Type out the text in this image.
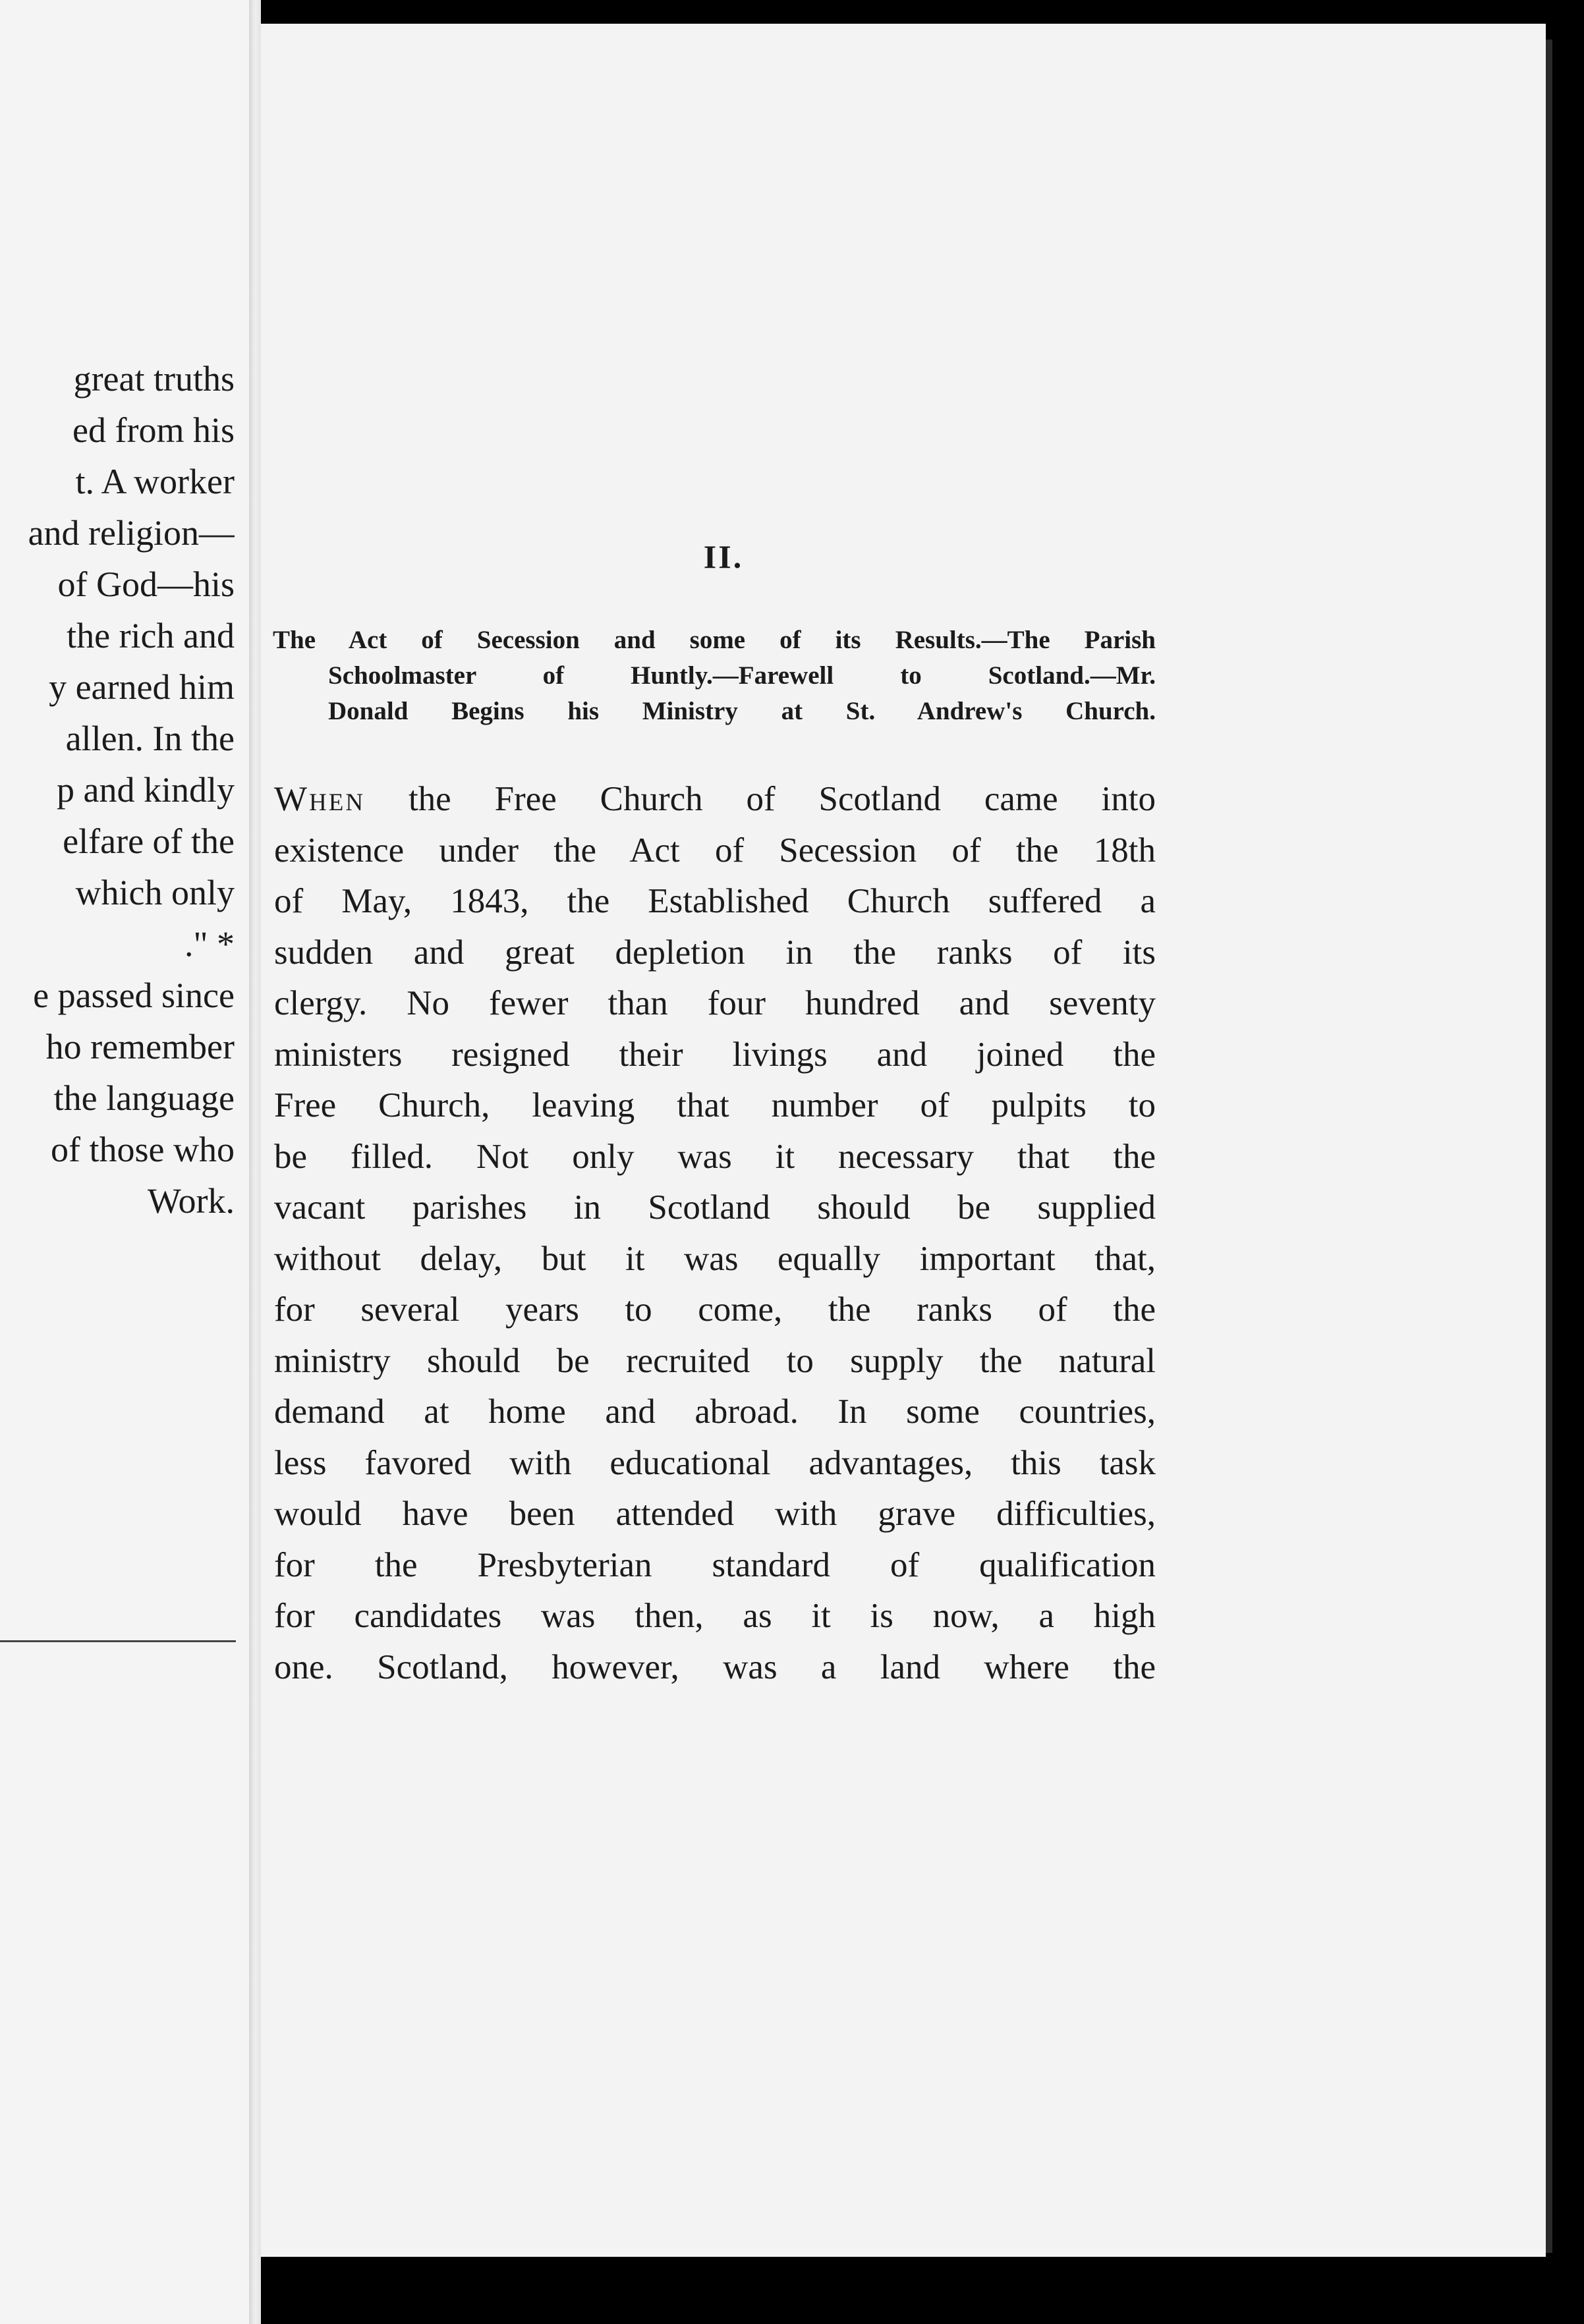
great truths
ed from his
t. A worker
and religion—
of God—his
the rich and
y earned him
allen. In the
p and kindly
elfare of the
which only
." *
e passed since
ho remember
the language
of those who
Work.
II.
The Act of Secession and some of its Results.—The Parish
Schoolmaster of Huntly.—Farewell to Scotland.—Mr.
Donald Begins his Ministry at St. Andrew's Church.
When the Free Church of Scotland came into
existence under the Act of Secession of the 18th
of May, 1843, the Established Church suffered a
sudden and great depletion in the ranks of its
clergy. No fewer than four hundred and seventy
ministers resigned their livings and joined the
Free Church, leaving that number of pulpits to
be filled. Not only was it necessary that the
vacant parishes in Scotland should be supplied
without delay, but it was equally important that,
for several years to come, the ranks of the
ministry should be recruited to supply the natural
demand at home and abroad. In some countries,
less favored with educational advantages, this task
would have been attended with grave difficulties,
for the Presbyterian standard of qualification
for candidates was then, as it is now, a high
one. Scotland, however, was a land where the
